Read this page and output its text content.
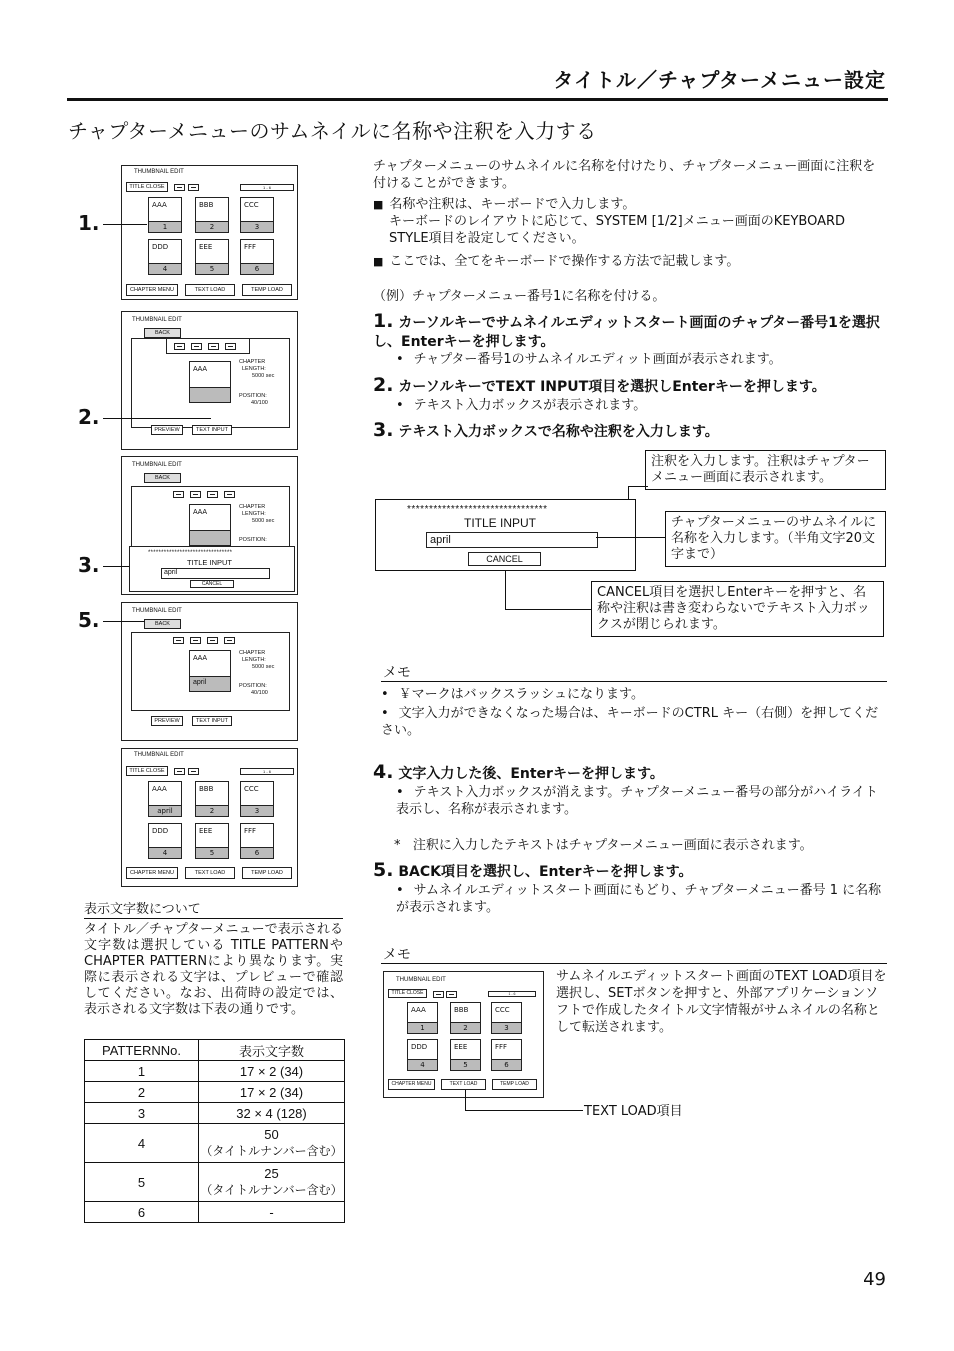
タイトル／チャプターメニュー設定
チャプターメニューのサムネイルに名称や注釈を入力する
THUMBNAIL EDIT
TITLE CLOSE	1 - 6
AAA
1
BBB
2
CCC
3
DDD
4
EEE
5
FFF
6
CHAPTER MENU	TEXT LOAD	TEMP LOAD
1.
THUMBNAIL EDIT
BACK
AAA
CHAPTER
LENGTH:
5000 sec
POSITION:
40/100
PREVIEW	TEXT INPUT
2.
THUMBNAIL EDIT
BACK
AAA
CHAPTER
LENGTH:
5000 sec
POSITION:
********************************
TITLE INPUT
april
CANCEL
3.
THUMBNAIL EDIT
BACK
AAA
april
CHAPTER
LENGTH:
5000 sec
POSITION:
40/100
PREVIEW	TEXT INPUT
5.
THUMBNAIL EDIT
TITLE CLOSE	1 - 6
AAA
april
BBB
2
CCC
3
DDD
4
EEE
5
FFF
6
CHAPTER MENU	TEXT LOAD	TEMP LOAD
表示文字数について
タイトル／チャプターメニューで表示される文字数は選択している TITLE PATTERNやCHAPTER PATTERNにより異なります。実際に表示される文字は、プレビューで確認してください。なお、出荷時の設定では、表示される文字数は下表の通りです。
PATTERNNo.	表示文字数
1	17 × 2 (34)
2	17 × 2 (34)
3	32 × 4 (128)
4	50
（タイトルナンバー含む）

5	25
（タイトルナンバー含む）

6	-
チャプターメニューのサムネイルに名称を付けたり、チャプターメニュー画面に注釈を付けることができます。
■ 名称や注釈は、キーボードで入力します。
キーボードのレイアウトに応じて、SYSTEM [1/2]メニュー画面のKEYBOARD STYLE項目を設定してください。
■ ここでは、全てをキーボードで操作する方法で記載します。
（例）チャプターメニュー番号1に名称を付ける。
1. カーソルキーでサムネイルエディットスタート画面のチャプター番号1を選択し、Enterキーを押します。
• チャプター番号1のサムネイルエディット画面が表示されます。
2. カーソルキーでTEXT INPUT項目を選択しEnterキーを押します。
• テキスト入力ボックスが表示されます。
3. テキスト入力ボックスで名称や注釈を入力します。
********************************
TITLE INPUT
april
CANCEL
注釈を入力します。注釈はチャプターメニュー画面に表示されます。
チャプターメニューのサムネイルに名称を入力します。（半角文字20文字まで）
CANCEL項目を選択しEnterキーを押すと、名称や注釈は書き変わらないでテキスト入力ボックスが閉じられます。
メモ
• ￥マークはバックスラッシュになります。
• 文字入力ができなくなった場合は、キーボードのCTRL キー（右側）を押してください。
4. 文字入力した後、Enterキーを押します。
• テキスト入力ボックスが消えます。チャプターメニュー番号の部分がハイライト表示し、名称が表示されます。
*   注釈に入力したテキストはチャプターメニュー画面に表示されます。
5. BACK項目を選択し、Enterキーを押します。
• サムネイルエディットスタート画面にもどり、チャプターメニュー番号 1 に名称が表示されます。
メモ
THUMBNAIL EDIT
TITLE CLOSE	1 - 6
AAA
1
BBB
2
CCC
3
DDD
4
EEE
5
FFF
6
CHAPTER MENU	TEXT LOAD	TEMP LOAD
TEXT LOAD項目
サムネイルエディットスタート画面のTEXT LOAD項目を選択し、SETボタンを押すと、外部アプリケーションソフトで作成したタイトル文字情報がサムネイルの名称として転送されます。
49
